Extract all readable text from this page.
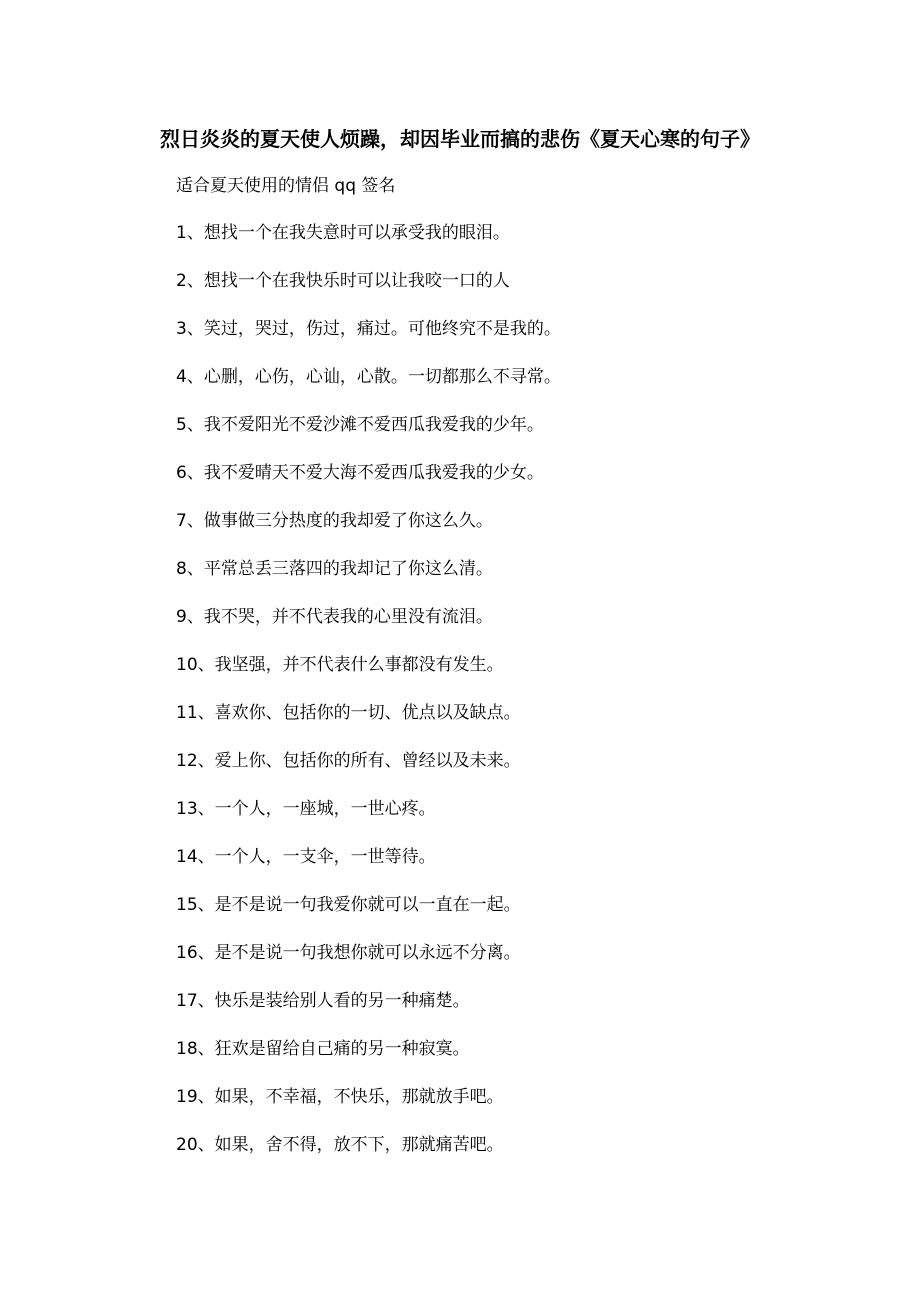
烈日炎炎的夏天使人烦躁，却因毕业而搞的悲伤《夏天心寒的句子》
适合夏天使用的情侣 qq 签名
1、想找一个在我失意时可以承受我的眼泪。
2、想找一个在我快乐时可以让我咬一口的人
3、笑过，哭过，伤过，痛过。可他终究不是我的。
4、心删，心伤，心讪，心散。一切都那么不寻常。
5、我不爱阳光不爱沙滩不爱西瓜我爱我的少年。
6、我不爱晴天不爱大海不爱西瓜我爱我的少女。
7、做事做三分热度的我却爱了你这么久。
8、平常总丢三落四的我却记了你这么清。
9、我不哭，并不代表我的心里没有流泪。
10、我坚强，并不代表什么事都没有发生。
11、喜欢你、包括你的一切、优点以及缺点。
12、爱上你、包括你的所有、曾经以及未来。
13、一个人，一座城，一世心疼。
14、一个人，一支伞，一世等待。
15、是不是说一句我爱你就可以一直在一起。
16、是不是说一句我想你就可以永远不分离。
17、快乐是装给别人看的另一种痛楚。
18、狂欢是留给自己痛的另一种寂寞。
19、如果，不幸福，不快乐，那就放手吧。
20、如果，舍不得，放不下，那就痛苦吧。
